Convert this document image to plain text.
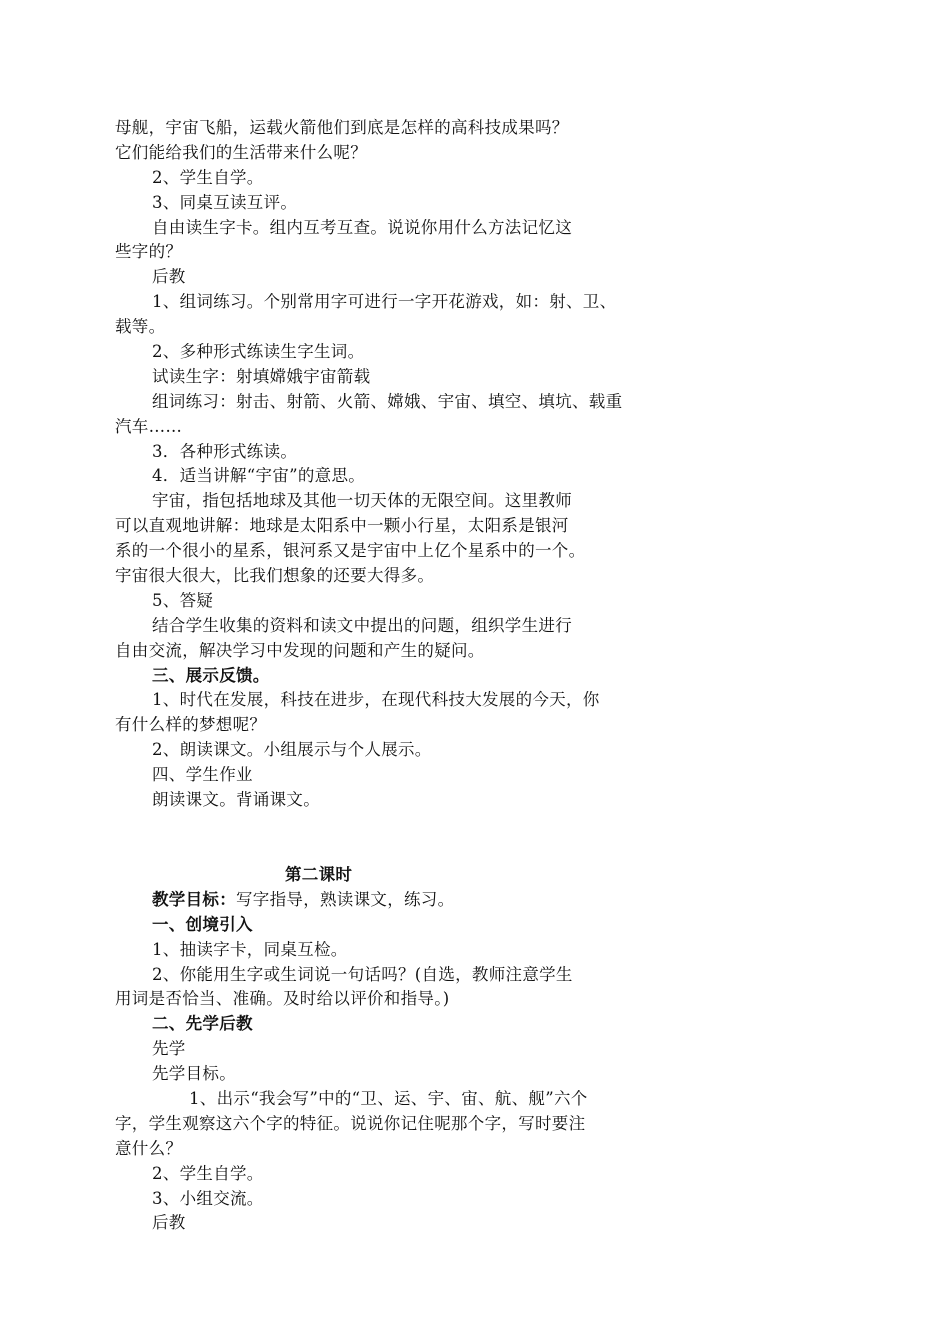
母舰，宇宙飞船，运载火箭他们到底是怎样的高科技成果吗？
它们能给我们的生活带来什么呢？
2、学生自学。
3、同桌互读互评。
自由读生字卡。组内互考互查。说说你用什么方法记忆这
些字的？
后教
1、组词练习。个别常用字可进行一字开花游戏，如：射、卫、
载等。
2、多种形式练读生字生词。
试读生字：射填嫦娥宇宙箭载
组词练习：射击、射箭、火箭、嫦娥、宇宙、填空、填坑、载重
汽车……
3．各种形式练读。
4．适当讲解“宇宙”的意思。
宇宙，指包括地球及其他一切天体的无限空间。这里教师
可以直观地讲解：地球是太阳系中一颗小行星，太阳系是银河
系的一个很小的星系，银河系又是宇宙中上亿个星系中的一个。
宇宙很大很大，比我们想象的还要大得多。
5、答疑
结合学生收集的资料和读文中提出的问题，组织学生进行
自由交流，解决学习中发现的问题和产生的疑问。
三、展示反馈。
1、时代在发展，科技在进步，在现代科技大发展的今天，你
有什么样的梦想呢？
2、朗读课文。小组展示与个人展示。
四、学生作业
朗读课文。背诵课文。
第二课时
教学目标：写字指导，熟读课文，练习。
一、创境引入
1、抽读字卡，同桌互检。
2、你能用生字或生词说一句话吗？(自选，教师注意学生
用词是否恰当、准确。及时给以评价和指导。)
二、先学后教
先学
先学目标。
1、出示“我会写”中的“卫、运、宇、宙、航、舰”六个
字，学生观察这六个字的特征。说说你记住呢那个字，写时要注
意什么？
2、学生自学。
3、小组交流。
后教
